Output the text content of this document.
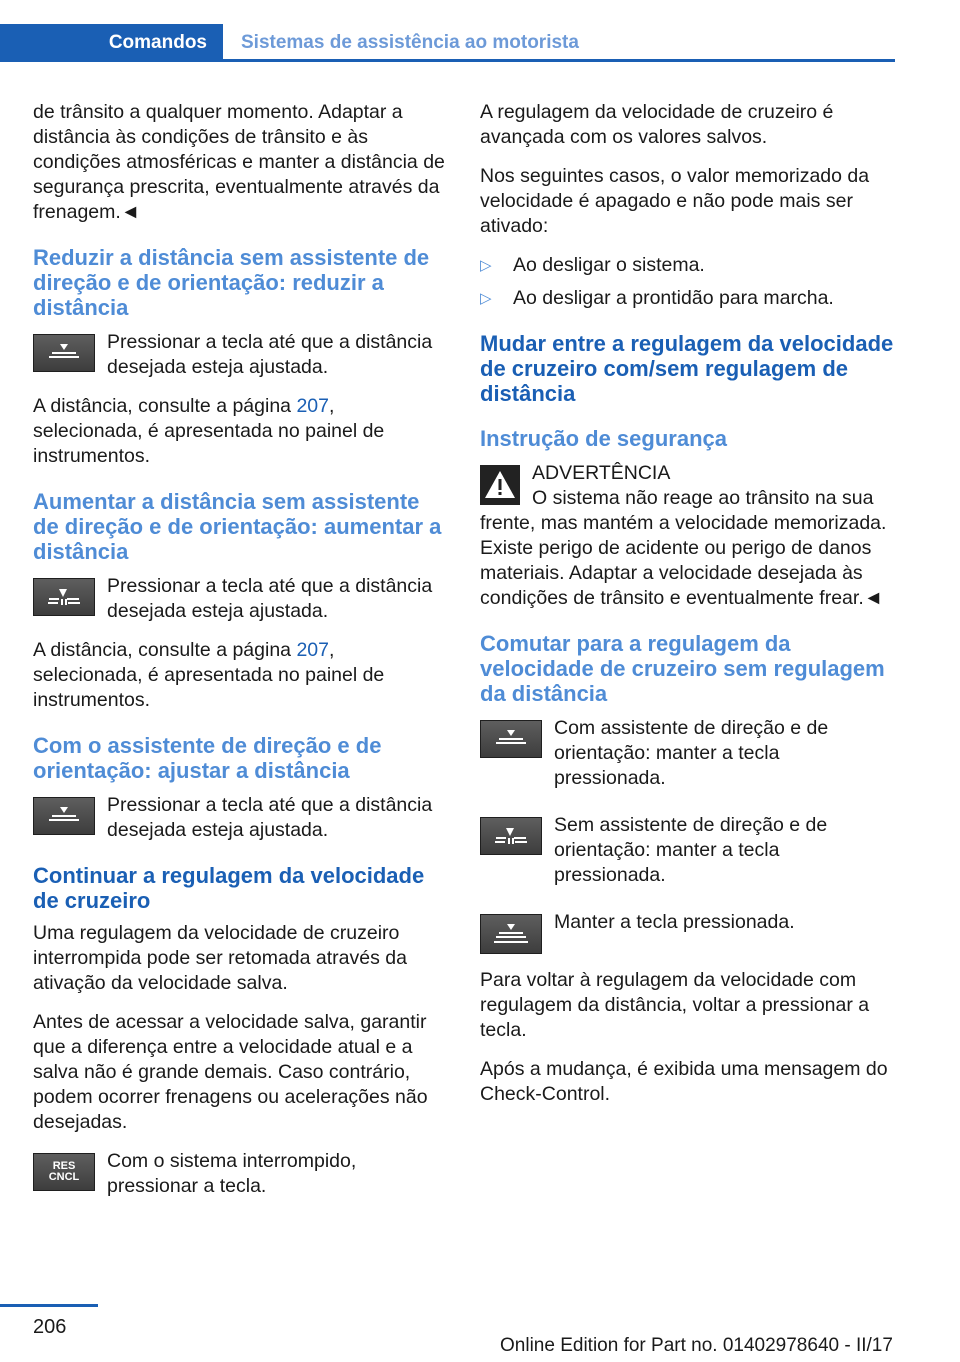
Comandos	Sistemas de assistência ao motorista

de trânsito a qualquer momento. Adaptar a distância às condições de trânsito e às condições atmosféricas e manter a distância de segurança prescrita, eventualmente através da frenagem.◄

Reduzir a distância sem assistente de direção e de orientação: reduzir a distância

Pressionar a tecla até que a distância desejada esteja ajustada.

A distância, consulte a página 207, selecionada, é apresentada no painel de instrumentos.

Aumentar a distância sem assistente de direção e de orientação: aumentar a distância

Pressionar a tecla até que a distância desejada esteja ajustada.

A distância, consulte a página 207, selecionada, é apresentada no painel de instrumentos.

Com o assistente de direção e de orientação: ajustar a distância

Pressionar a tecla até que a distância desejada esteja ajustada.

Continuar a regulagem da velocidade de cruzeiro

Uma regulagem da velocidade de cruzeiro interrompida pode ser retomada através da ativação da velocidade salva.

Antes de acessar a velocidade salva, garantir que a diferença entre a velocidade atual e a salva não é grande demais. Caso contrário, podem ocorrer frenagens ou acelerações não desejadas.

RES
CNCL

Com o sistema interrompido, pressionar a tecla.

A regulagem da velocidade de cruzeiro é avançada com os valores salvos.

Nos seguintes casos, o valor memorizado da velocidade é apagado e não pode mais ser ativado:

▷	Ao desligar o sistema.

▷	Ao desligar a prontidão para marcha.

Mudar entre a regulagem da velocidade de cruzeiro com/sem regulagem de distância
Instrução de segurança

ADVERTÊNCIA

O sistema não reage ao trânsito na sua frente, mas mantém a velocidade memorizada. Existe perigo de acidente ou perigo de danos materiais. Adaptar a velocidade desejada às condições de trânsito e eventualmente frear.◄

Comutar para a regulagem da velocidade de cruzeiro sem regulagem da distância

Com assistente de direção e de orientação: manter a tecla pressionada.

Sem assistente de direção e de orientação: manter a tecla pressionada.

Manter a tecla pressionada.

Para voltar à regulagem da velocidade com regulagem da distância, voltar a pressionar a tecla.

Após a mudança, é exibida uma mensagem do Check-Control.

206
Online Edition for Part no. 01402978640 - II/17
